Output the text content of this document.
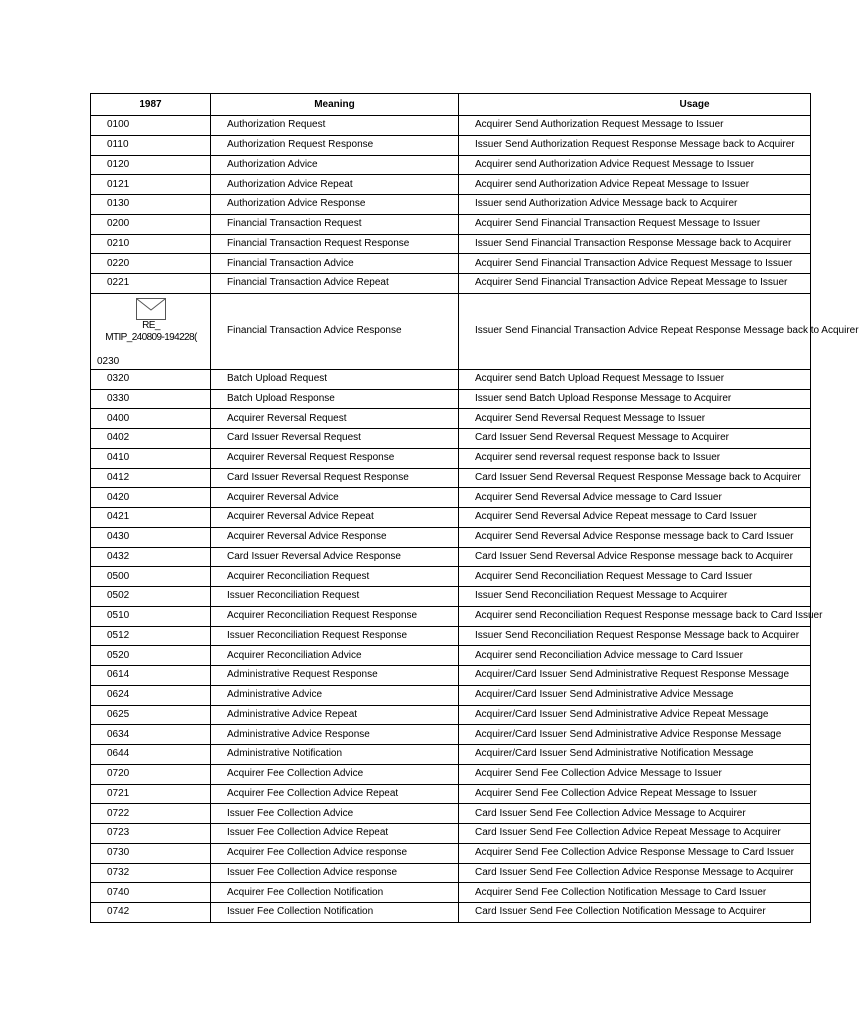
1987	Meaning	Usage
0100	Authorization Request	Acquirer Send Authorization Request Message to Issuer
0110	Authorization Request Response	Issuer Send Authorization Request Response Message back to Acquirer
0120	Authorization Advice	Acquirer send Authorization Advice Request Message to Issuer
0121	Authorization Advice Repeat	Acquirer send Authorization Advice Repeat Message to Issuer
0130	Authorization Advice Response	Issuer send Authorization Advice Message back to Acquirer
0200	Financial Transaction Request	Acquirer Send Financial Transaction Request Message to Issuer
0210	Financial Transaction Request Response	Issuer Send Financial Transaction Response Message back to Acquirer
0220	Financial Transaction Advice	Acquirer Send Financial Transaction Advice Request Message to Issuer
0221	Financial Transaction Advice Repeat	Acquirer Send Financial Transaction Advice Repeat Message to Issuer

RE_
MTIP_240809-194228(
0230	Financial Transaction Advice Response	Issuer Send Financial Transaction Advice Repeat Response Message back to Acquirer
0320	Batch Upload Request	Acquirer send Batch Upload Request Message to Issuer
0330	Batch Upload Response	Issuer send Batch Upload Response Message to Acquirer
0400	Acquirer Reversal Request	Acquirer Send Reversal Request Message to Issuer
0402	Card Issuer Reversal Request	Card Issuer Send Reversal Request Message to Acquirer
0410	Acquirer Reversal Request Response	Acquirer send reversal request response back to Issuer
0412	Card Issuer Reversal Request Response	Card Issuer Send Reversal Request Response Message back to Acquirer
0420	Acquirer Reversal Advice	Acquirer Send Reversal Advice message to Card Issuer
0421	Acquirer Reversal Advice Repeat	Acquirer Send Reversal Advice Repeat message to Card Issuer
0430	Acquirer Reversal Advice Response	Acquirer Send Reversal Advice Response message back to Card Issuer
0432	Card Issuer Reversal Advice Response	Card Issuer Send Reversal Advice Response message back to Acquirer
0500	Acquirer Reconciliation Request	Acquirer Send Reconciliation Request Message to Card Issuer
0502	Issuer Reconciliation Request	Issuer Send Reconciliation Request Message to Acquirer
0510	Acquirer Reconciliation Request Response	Acquirer send Reconciliation Request Response message back to Card Issuer
0512	Issuer Reconciliation Request Response	Issuer Send Reconciliation Request Response Message back to Acquirer
0520	Acquirer Reconciliation Advice	Acquirer send Reconciliation Advice message to Card Issuer
0614	Administrative Request Response	Acquirer/Card Issuer Send Administrative Request Response Message
0624	Administrative Advice	Acquirer/Card Issuer Send Administrative Advice Message
0625	Administrative Advice Repeat	Acquirer/Card Issuer Send Administrative Advice Repeat Message
0634	Administrative Advice Response	Acquirer/Card Issuer Send Administrative Advice Response Message
0644	Administrative Notification	Acquirer/Card Issuer Send Administrative Notification Message
0720	Acquirer Fee Collection Advice	Acquirer Send Fee Collection Advice Message to Issuer
0721	Acquirer Fee Collection Advice Repeat	Acquirer Send Fee Collection Advice Repeat Message to Issuer
0722	Issuer Fee Collection Advice	Card Issuer Send Fee Collection Advice Message to Acquirer
0723	Issuer Fee Collection Advice Repeat	Card Issuer Send Fee Collection Advice Repeat Message to Acquirer
0730	Acquirer Fee Collection Advice response	Acquirer Send Fee Collection Advice Response Message to Card Issuer
0732	Issuer Fee Collection Advice response	Card Issuer Send Fee Collection Advice Response Message to Acquirer
0740	Acquirer Fee Collection Notification	Acquirer Send Fee Collection Notification Message to Card Issuer
0742	Issuer Fee Collection Notification	Card Issuer Send Fee Collection Notification Message to Acquirer
